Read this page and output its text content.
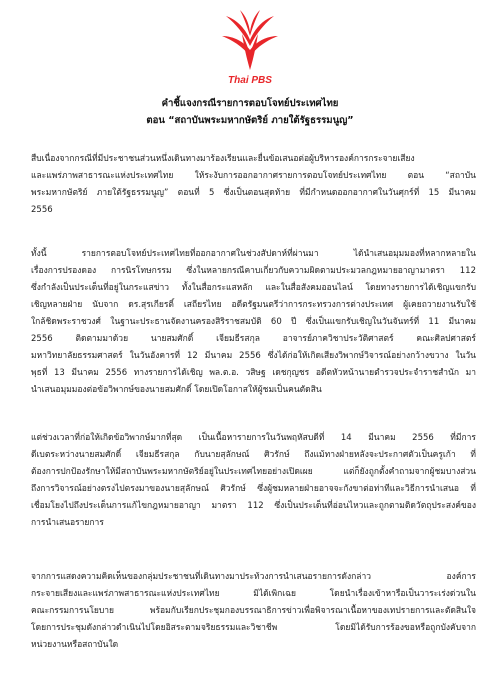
Thai PBS
คำชี้แจงกรณีรายการตอบโจทย์ประเทศไทย
ตอน “สถาบันพระมหากษัตริย์ ภายใต้รัฐธรรมนูญ”
สืบเนื่องจากกรณีที่มีประชาชนส่วนหนึ่งเดินทางมาร้องเรียนและยื่นข้อเสนอต่อผู้บริหารองค์การกระจายเสียง
และแพร่ภาพสาธารณะแห่งประเทศไทย ให้ระงับการออกอากาศรายการตอบโจทย์ประเทศไทย ตอน “สถาบัน
พระมหากษัตริย์ ภายใต้รัฐธรรมนูญ” ตอนที่ 5 ซึ่งเป็นตอนสุดท้าย ที่มีกำหนดออกอากาศในวันศุกร์ที่ 15 มีนาคม
2556
ทั้งนี้ รายการตอบโจทย์ประเทศไทยที่ออกอากาศในช่วงสัปดาห์ที่ผ่านมา ได้นำเสนอมุมมองที่หลากหลายใน
เรื่องการปรองดอง การนิรโทษกรรม ซึ่งในหลายกรณีคาบเกี่ยวกับความผิดตามประมวลกฎหมายอาญามาตรา 112
ซึ่งกำลังเป็นประเด็นที่อยู่ในกระแสข่าว ทั้งในสื่อกระแสหลัก และในสื่อสังคมออนไลน์ โดยทางรายการได้เชิญแขกรับ
เชิญหลายฝ่าย นับจาก ดร.สุรเกียรติ์ เสถียรไทย อดีตรัฐมนตรีว่าการกระทรวงการต่างประเทศ ผู้เคยถวายงานรับใช้
ใกล้ชิดพระราชวงศ์ ในฐานะประธานจัดงานครองสิริราชสมบัติ 60 ปี ซึ่งเป็นแขกรับเชิญในวันจันทร์ที่ 11 มีนาคม
2556 ติดตามมาด้วย นายสมศักดิ์ เจียมธีรสกุล อาจารย์ภาควิชาประวัติศาสตร์ คณะศิลปศาสตร์
มหาวิทยาลัยธรรมศาสตร์ ในวันอังคารที่ 12 มีนาคม 2556 ซึ่งได้ก่อให้เกิดเสียงวิพากษ์วิจารณ์อย่างกว้างขวาง ในวัน
พุธที่ 13 มีนาคม 2556 ทางรายการได้เชิญ พล.ต.อ. วสิษฐ เดชกุญชร อดีตหัวหน้านายตำรวจประจำราชสำนัก มา
นำเสนอมุมมองต่อข้อวิพากษ์ของนายสมศักดิ์ โดยเปิดโอกาสให้ผู้ชมเป็นคนตัดสิน
แต่ช่วงเวลาที่ก่อให้เกิดข้อวิพากษ์มากที่สุด เป็นเนื้อหารายการในวันพฤหัสบดีที่ 14 มีนาคม 2556 ที่มีการ
ดีเบตระหว่างนายสมศักดิ์ เจียมธีรสกุล กับนายสุลักษณ์ ศิวรักษ์ ถึงแม้ทางฝ่ายหลังจะประกาศตัวเป็นครูเก้า ที่
ต้องการปกป้องรักษาให้มีสถาบันพระมหากษัตริย์อยู่ในประเทศไทยอย่างเปิดเผย แต่ก็ยังถูกตั้งคำถามจากผู้ชมบางส่วน
ถึงการวิจารณ์อย่างตรงไปตรงมาของนายสุลักษณ์ ศิวรักษ์ ซึ่งผู้ชมหลายฝ่ายอาจจะกังขาต่อท่าทีและวิธีการนำเสนอ ที่
เชื่อมโยงไปถึงประเด็นการแก้ไขกฎหมายอาญา มาตรา 112 ซึ่งเป็นประเด็นที่อ่อนไหวและถูกตามติดวัตถุประสงค์ของ
การนำเสนอรายการ
จากการแสดงความคิดเห็นของกลุ่มประชาชนที่เดินทางมาประท้วงการนำเสนอรายการดังกล่าว องค์การ
กระจายเสียงและแพร่ภาพสาธารณะแห่งประเทศไทย มิได้เพิกเฉย โดยนำเรื่องเข้าหารือเป็นวาระเร่งด่วนใน
คณะกรรมการนโยบาย พร้อมกับเรียกประชุมกองบรรณาธิการข่าวเพื่อพิจารณาเนื้อหาของเทปรายการและตัดสินใจ
โดยการประชุมดังกล่าวดำเนินไปโดยอิสระตามจริยธรรมและวิชาชีพ โดยมิได้รับการร้องขอหรือถูกบังคับจาก
หน่วยงานหรือสถาบันใด
